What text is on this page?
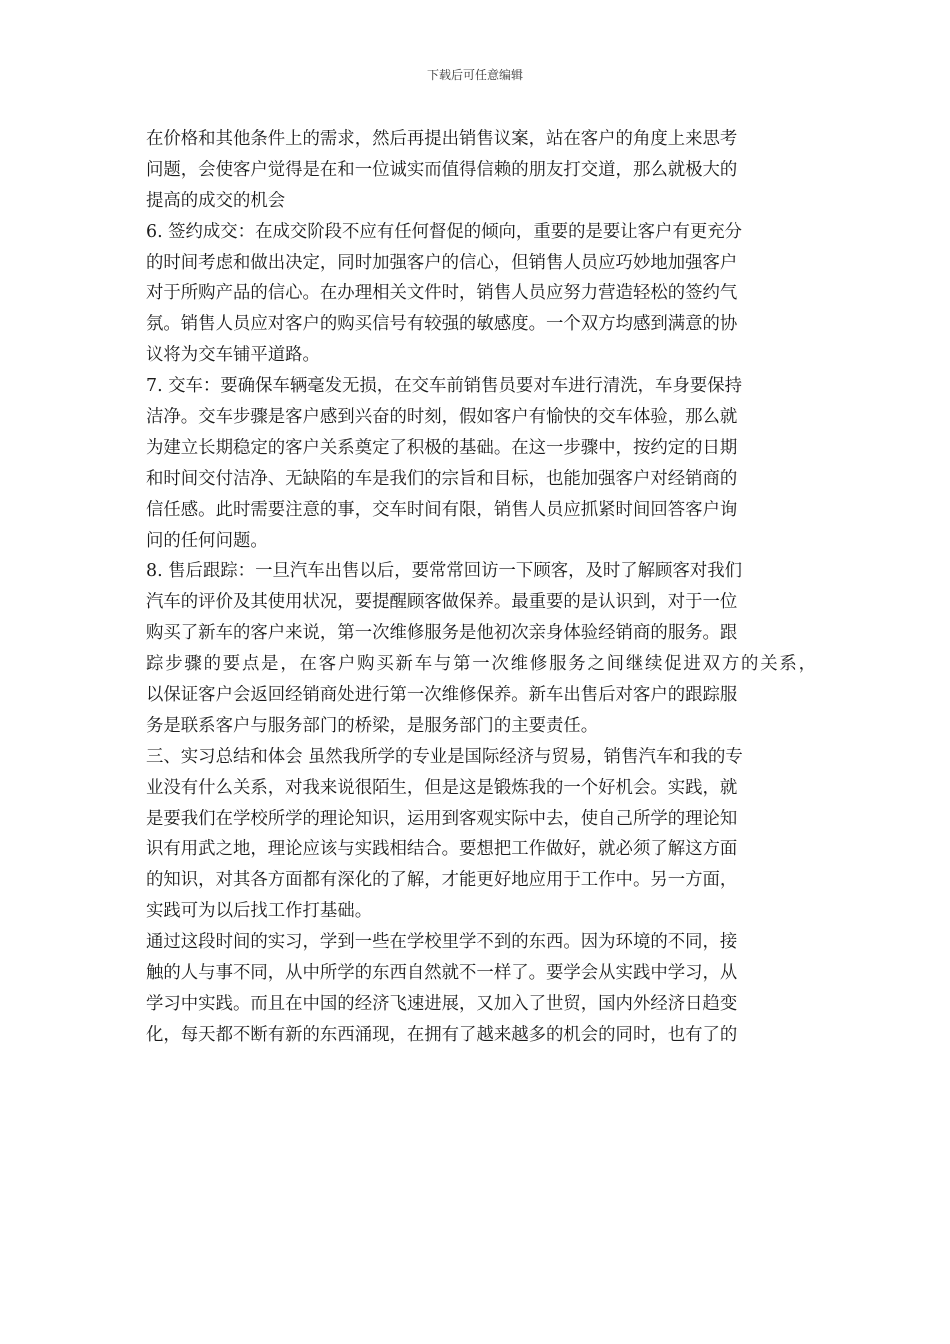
下载后可任意编辑
在价格和其他条件上的需求，然后再提出销售议案，站在客户的角度上来思考
问题，会使客户觉得是在和一位诚实而值得信赖的朋友打交道，那么就极大的
提高的成交的机会
6. 签约成交：在成交阶段不应有任何督促的倾向，重要的是要让客户有更充分
的时间考虑和做出决定，同时加强客户的信心，但销售人员应巧妙地加强客户
对于所购产品的信心。在办理相关文件时，销售人员应努力营造轻松的签约气
氛。销售人员应对客户的购买信号有较强的敏感度。一个双方均感到满意的协
议将为交车铺平道路。
7. 交车：要确保车辆毫发无损，在交车前销售员要对车进行清洗，车身要保持
洁净。交车步骤是客户感到兴奋的时刻，假如客户有愉快的交车体验，那么就
为建立长期稳定的客户关系奠定了积极的基础。在这一步骤中，按约定的日期
和时间交付洁净、无缺陷的车是我们的宗旨和目标，也能加强客户对经销商的
信任感。此时需要注意的事，交车时间有限，销售人员应抓紧时间回答客户询
问的任何问题。
8. 售后跟踪：一旦汽车出售以后，要常常回访一下顾客，及时了解顾客对我们
汽车的评价及其使用状况，要提醒顾客做保养。最重要的是认识到，对于一位
购买了新车的客户来说，第一次维修服务是他初次亲身体验经销商的服务。跟
踪步骤的要点是，在客户购买新车与第一次维修服务之间继续促进双方的关系，
以保证客户会返回经销商处进行第一次维修保养。新车出售后对客户的跟踪服
务是联系客户与服务部门的桥梁，是服务部门的主要责任。
三、实习总结和体会 虽然我所学的专业是国际经济与贸易，销售汽车和我的专
业没有什么关系，对我来说很陌生，但是这是锻炼我的一个好机会。实践，就
是要我们在学校所学的理论知识，运用到客观实际中去，使自己所学的理论知
识有用武之地，理论应该与实践相结合。要想把工作做好，就必须了解这方面
的知识，对其各方面都有深化的了解，才能更好地应用于工作中。另一方面，
实践可为以后找工作打基础。
通过这段时间的实习，学到一些在学校里学不到的东西。因为环境的不同，接
触的人与事不同，从中所学的东西自然就不一样了。要学会从实践中学习，从
学习中实践。而且在中国的经济飞速进展，又加入了世贸，国内外经济日趋变
化，每天都不断有新的东西涌现，在拥有了越来越多的机会的同时，也有了的
